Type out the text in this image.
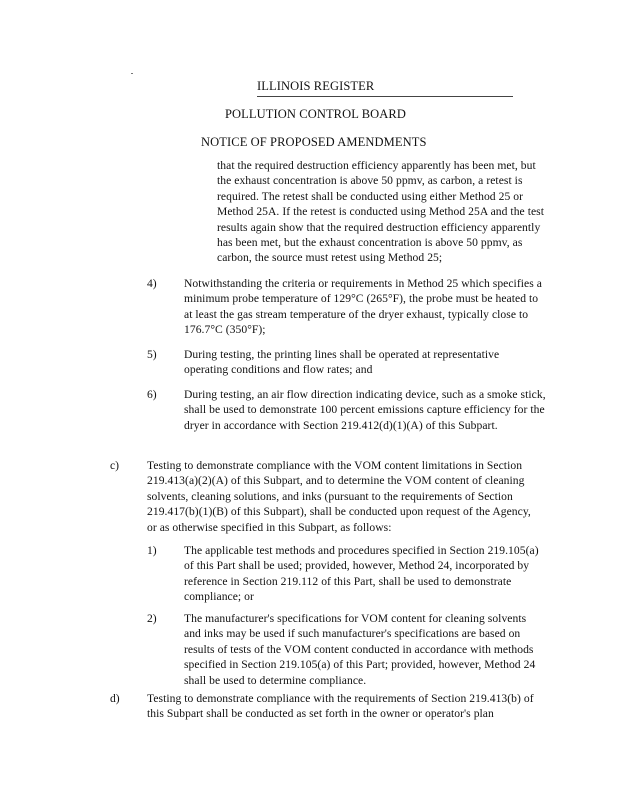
ILLINOIS REGISTER
POLLUTION CONTROL BOARD
NOTICE OF PROPOSED AMENDMENTS
that the required destruction efficiency apparently has been met, but the exhaust concentration is above 50 ppmv, as carbon, a retest is required. The retest shall be conducted using either Method 25 or Method 25A. If the retest is conducted using Method 25A and the test results again show that the required destruction efficiency apparently has been met, but the exhaust concentration is above 50 ppmv, as carbon, the source must retest using Method 25;
4) Notwithstanding the criteria or requirements in Method 25 which specifies a minimum probe temperature of 129°C (265°F), the probe must be heated to at least the gas stream temperature of the dryer exhaust, typically close to 176.7°C (350°F);
5) During testing, the printing lines shall be operated at representative operating conditions and flow rates; and
6) During testing, an air flow direction indicating device, such as a smoke stick, shall be used to demonstrate 100 percent emissions capture efficiency for the dryer in accordance with Section 219.412(d)(1)(A) of this Subpart.
c) Testing to demonstrate compliance with the VOM content limitations in Section 219.413(a)(2)(A) of this Subpart, and to determine the VOM content of cleaning solvents, cleaning solutions, and inks (pursuant to the requirements of Section 219.417(b)(1)(B) of this Subpart), shall be conducted upon request of the Agency, or as otherwise specified in this Subpart, as follows:
1) The applicable test methods and procedures specified in Section 219.105(a) of this Part shall be used; provided, however, Method 24, incorporated by reference in Section 219.112 of this Part, shall be used to demonstrate compliance; or
2) The manufacturer's specifications for VOM content for cleaning solvents and inks may be used if such manufacturer's specifications are based on results of tests of the VOM content conducted in accordance with methods specified in Section 219.105(a) of this Part; provided, however, Method 24 shall be used to determine compliance.
d) Testing to demonstrate compliance with the requirements of Section 219.413(b) of this Subpart shall be conducted as set forth in the owner or operator's plan
